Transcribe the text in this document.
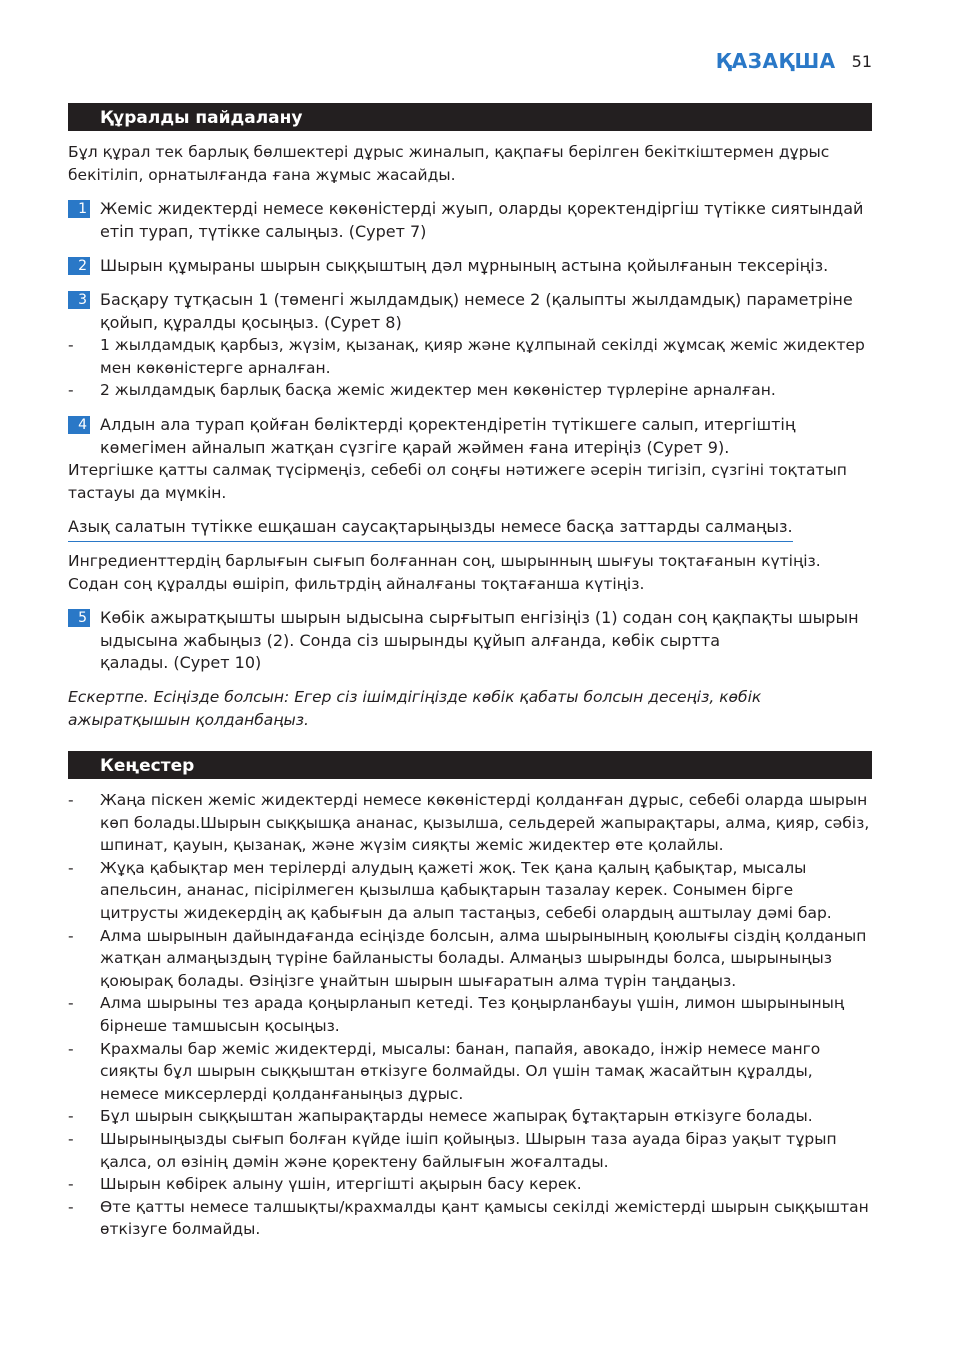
ҚАЗАҚША 51
Құралды пайдалану

Бұл құрал тек барлық бөлшектері дұрыс жиналып, қақпағы берілген бекіткіштермен дұрыс бекітіліп, орнатылғанда ғана жұмыс жасайды.

1 Жеміс жидектерді немесе көкөністерді жуып, оларды қоректендіргіш түтікке сиятындай етіп турап, түтікке салыңыз. (Сурет 7)

2 Шырын құмыраны шырын сыққыштың дәл мұрнының астына қойылғанын тексеріңіз.

3 Басқару тұтқасын 1 (төменгі жылдамдық) немесе 2 (қалыпты жылдамдық) параметріне қойып, құралды қосыңыз. (Сурет 8)

- 1 жылдамдық қарбыз, жүзім, қызанақ, қияр және құлпынай секілді жұмсақ жеміс жидектер мен көкөністерге арналған.

- 2 жылдамдық барлық басқа жеміс жидектер мен көкөністер түрлеріне арналған.

4 Алдын ала турап қойған бөліктерді қоректендіретін түтікшеге салып, итергіштің көмегімен айналып жатқан сүзгіге қарай жәймен ғана итеріңіз (Сурет 9).

Итергішке қатты салмақ түсірмеңіз, себебі ол соңғы нәтижеге әсерін тигізіп, сүзгіні тоқтатып тастауы да мүмкін.

Азық салатын түтікке ешқашан саусақтарыңызды немесе басқа заттарды салмаңыз.

Ингредиенттердің барлығын сығып болғаннан соң, шырынның шығуы тоқтағанын күтіңіз. Содан соң құралды өшіріп, фильтрдің айналғаны тоқтағанша күтіңіз.

5 Көбік ажыратқышты шырын ыдысына сырғытып енгізіңіз (1) содан соң қақпақты шырын ыдысына жабыңыз (2). Сонда сіз шырынды құйып алғанда, көбік сыртта
қалады. (Сурет 10)

Ескертпе. Есіңізде болсын: Егер сіз ішімдігіңізде көбік қабаты болсын десеңіз, көбік ажыратқышын қолданбаңыз.

Кеңестер

- Жаңа піскен жеміс жидектерді немесе көкөністерді қолданған дұрыс, себебі оларда шырын көп болады.Шырын сыққышқа ананас, қызылша, сельдерей жапырақтары, алма, қияр, сәбіз, шпинат, қауын, қызанақ, және жүзім сияқты жеміс жидектер өте қолайлы.

- Жұқа қабықтар мен терілерді алудың қажеті жоқ. Тек қана қалың қабықтар, мысалы апельсин, ананас, пісірілмеген қызылша қабықтарын тазалау керек. Сонымен бірге цитрусты жидекердің ақ қабығын да алып тастаңыз, себебі олардың аштылау дәмі бар.

- Алма шырынын дайындағанда есіңізде болсын, алма шырынының қоюлығы сіздің қолданып жатқан алмаңыздың түріне байланысты болады. Алмаңыз шырынды болса, шырыныңыз қоюырақ болады. Өзіңізге ұнайтын шырын шығаратын алма түрін таңдаңыз.

- Алма шырыны тез арада қоңырланып кетеді. Тез қоңырланбауы үшін, лимон шырынының бірнеше тамшысын қосыңыз.

- Крахмалы бар жеміс жидектерді, мысалы: банан, папайя, авокадо, інжір немесе манго сияқты бұл шырын сыққыштан өткізуге болмайды. Ол үшін тамақ жасайтын құралды, немесе миксерлерді қолданғаныңыз дұрыс.

- Бұл шырын сыққыштан жапырақтарды немесе жапырақ бұтақтарын өткізуге болады.

- Шырыныңызды сығып болған күйде ішіп қойыңыз. Шырын таза ауада біраз уақыт тұрып қалса, ол өзінің дәмін және қоректену байлығын жоғалтады.

- Шырын көбірек алыну үшін, итергішті ақырын басу керек.

- Өте қатты немесе талшықты/крахмалды қант қамысы секілді жемістерді шырын сыққыштан өткізуге болмайды.
